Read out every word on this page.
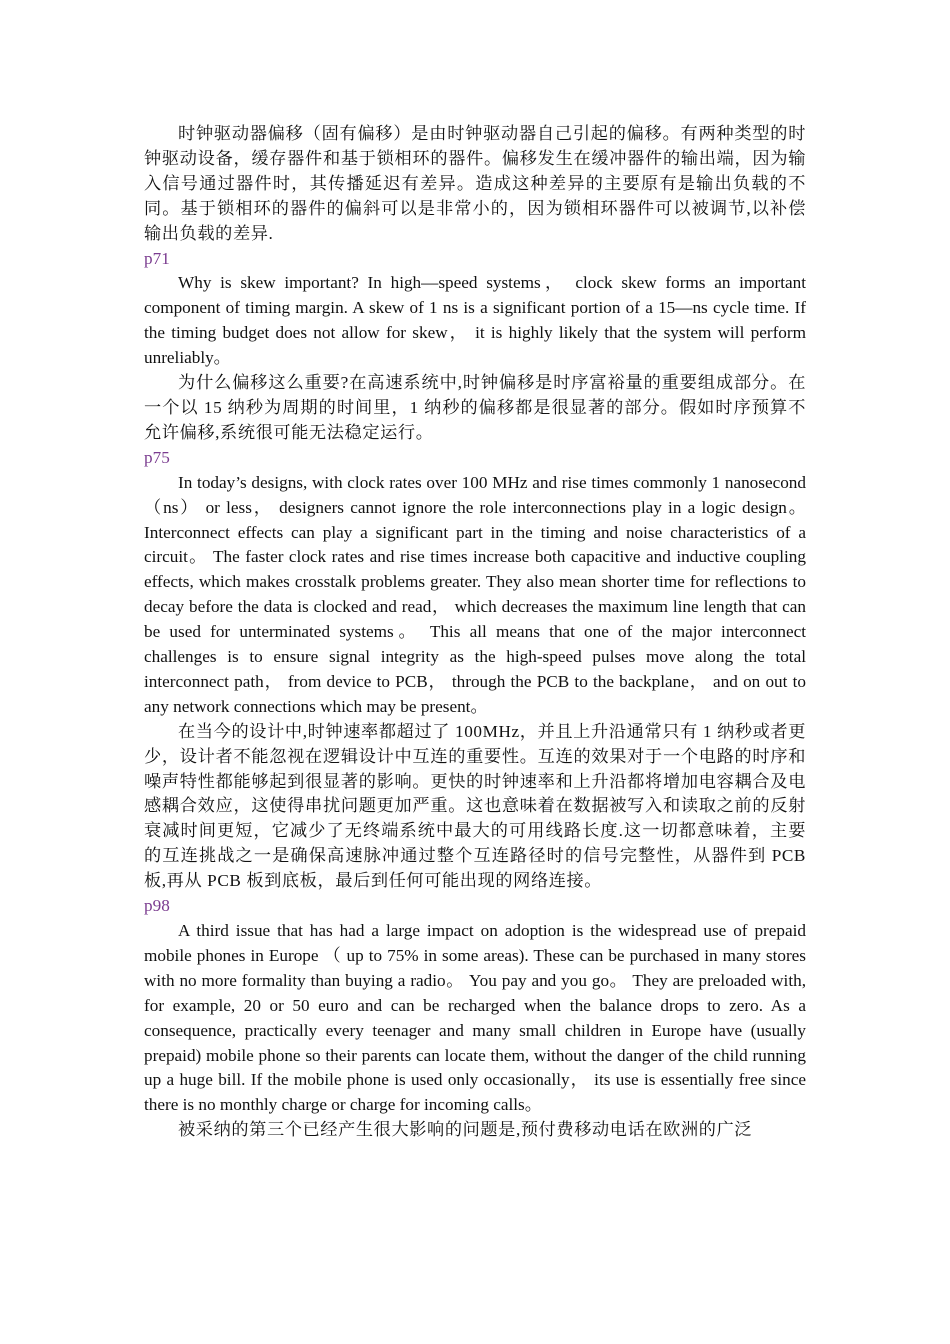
时钟驱动器偏移（固有偏移）是由时钟驱动器自己引起的偏移。有两种类型的时钟驱动设备，缓存器件和基于锁相环的器件。偏移发生在缓冲器件的输出端，因为输入信号通过器件时，其传播延迟有差异。造成这种差异的主要原有是输出负载的不同。基于锁相环的器件的偏斜可以是非常小的，因为锁相环器件可以被调节,以补偿输出负载的差异.

p71

Why is skew important? In high—speed systems， clock skew forms an important component of timing margin. A skew of 1 ns is a significant portion of a 15—ns cycle time. If the timing budget does not allow for skew， it is highly likely that the system will perform unreliably。

为什么偏移这么重要?在高速系统中,时钟偏移是时序富裕量的重要组成部分。在一个以 15 纳秒为周期的时间里，1 纳秒的偏移都是很显著的部分。假如时序预算不允许偏移,系统很可能无法稳定运行。

p75

In today’s designs, with clock rates over 100 MHz and rise times commonly 1 nanosecond （ns） or less， designers cannot ignore the role interconnections play in a logic design。 Interconnect effects can play a significant part in the timing and noise characteristics of a circuit。 The faster clock rates and rise times increase both capacitive and inductive coupling effects, which makes crosstalk problems greater. They also mean shorter time for reflections to decay before the data is clocked and read， which decreases the maximum line length that can be used for unterminated systems。 This all means that one of the major interconnect challenges is to ensure signal integrity as the high-speed pulses move along the total interconnect path， from device to PCB， through the PCB to the backplane， and on out to any network connections which may be present。

在当今的设计中,时钟速率都超过了 100MHz，并且上升沿通常只有 1 纳秒或者更少，设计者不能忽视在逻辑设计中互连的重要性。互连的效果对于一个电路的时序和噪声特性都能够起到很显著的影响。更快的时钟速率和上升沿都将增加电容耦合及电感耦合效应，这使得串扰问题更加严重。这也意味着在数据被写入和读取之前的反射衰减时间更短，它减少了无终端系统中最大的可用线路长度.这一切都意味着，主要的互连挑战之一是确保高速脉冲通过整个互连路径时的信号完整性，从器件到 PCB 板,再从 PCB 板到底板，最后到任何可能出现的网络连接。

p98

A third issue that has had a large impact on adoption is the widespread use of prepaid mobile phones in Europe （ up to 75% in some areas). These can be purchased in many stores with no more formality than buying a radio。 You pay and you go。 They are preloaded with, for example, 20 or 50 euro and can be recharged when the balance drops to zero. As a consequence, practically every teenager and many small children in Europe have (usually prepaid) mobile phone so their parents can locate them, without the danger of the child running up a huge bill. If the mobile phone is used only occasionally， its use is essentially free since there is no monthly charge or charge for incoming calls。

被采纳的第三个已经产生很大影响的问题是,预付费移动电话在欧洲的广泛
